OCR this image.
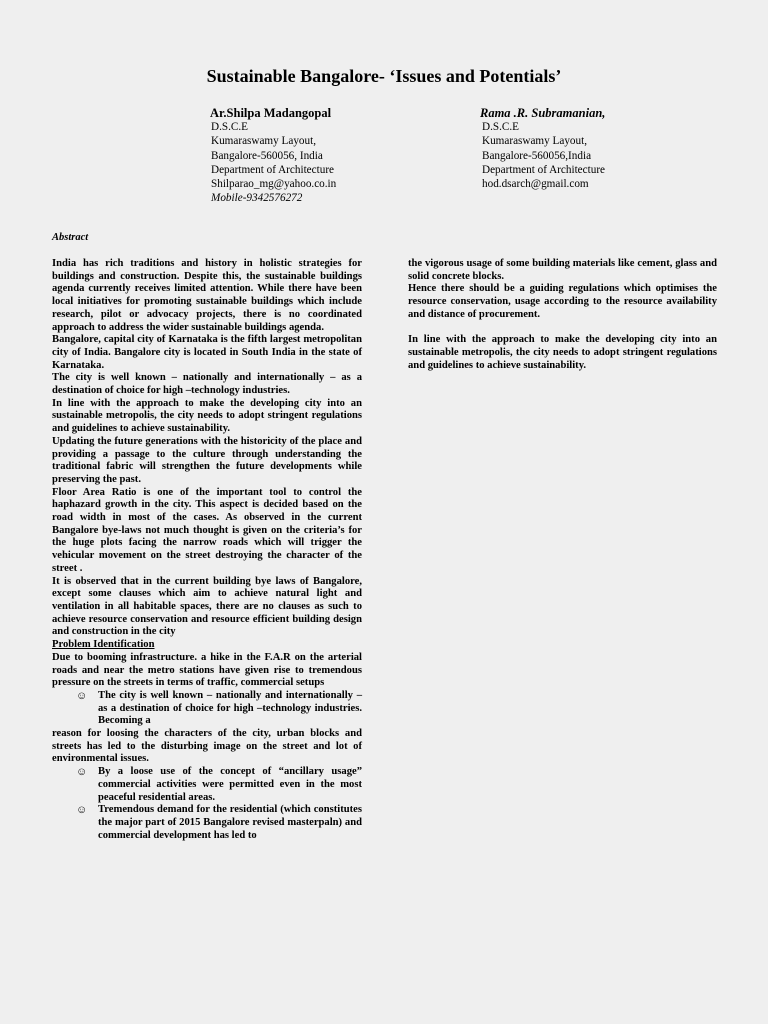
Sustainable Bangalore- ‘Issues and Potentials’
Ar.Shilpa Madangopal
D.S.C.E
Kumaraswamy Layout,
Bangalore-560056, India
Department of Architecture
Shilparao_mg@yahoo.co.in
Mobile-9342576272
Rama .R. Subramanian,
D.S.C.E
Kumaraswamy Layout,
Bangalore-560056,India
Department of Architecture
hod.dsarch@gmail.com
Abstract

India has rich traditions and history in holistic strategies for buildings and construction. Despite this, the sustainable buildings agenda currently receives limited attention. While there have been local initiatives for promoting sustainable buildings which include research, pilot or advocacy projects, there is no coordinated approach to address the wider sustainable buildings agenda.

Bangalore, capital city of Karnataka is the fifth largest metropolitan city of India. Bangalore city is located in South India in the state of Karnataka.

The city is well known – nationally and internationally – as a destination of choice for high –technology industries.

In line with the approach to make the developing city into an sustainable metropolis, the city needs to adopt stringent regulations and guidelines to achieve sustainability.

Updating the future generations with the historicity of the place and providing a passage to the culture through understanding the traditional fabric will strengthen the future developments while preserving the past.

Floor Area Ratio is one of the important tool to control the haphazard growth in the city. This aspect is decided based on the road width in most of the cases. As observed in the current Bangalore bye-laws not much thought is given on the criteria’s for the huge plots facing the narrow roads which will trigger the vehicular movement on the street destroying the character of the street .

It is observed that in the current building bye laws of Bangalore, except some clauses which aim to achieve natural light and ventilation in all habitable spaces, there are no clauses as such to achieve resource conservation and resource efficient building design and construction in the city

Problem Identification

Due to booming infrastructure. a hike in the F.A.R on the arterial roads and near the metro stations have given rise to tremendous pressure on the streets in terms of traffic, commercial setups

☺ The city is well known – nationally and internationally – as a destination of choice for high –technology industries. Becoming a

reason for loosing the characters of the city, urban blocks and streets has led to the disturbing image on the street and lot of environmental issues.

☺ By a loose use of the concept of “ancillary usage” commercial activities were permitted even in the most peaceful residential areas.

☺ Tremendous demand for the residential (which constitutes the major part of 2015 Bangalore revised masterpaln) and commercial development has led to

the vigorous usage of some building materials like cement, glass and solid concrete blocks.

Hence there should be a guiding regulations which optimises the resource conservation, usage according to the resource availability and distance of procurement.

In line with the approach to make the developing city into an sustainable metropolis, the city needs to adopt stringent regulations and guidelines to achieve sustainability.
